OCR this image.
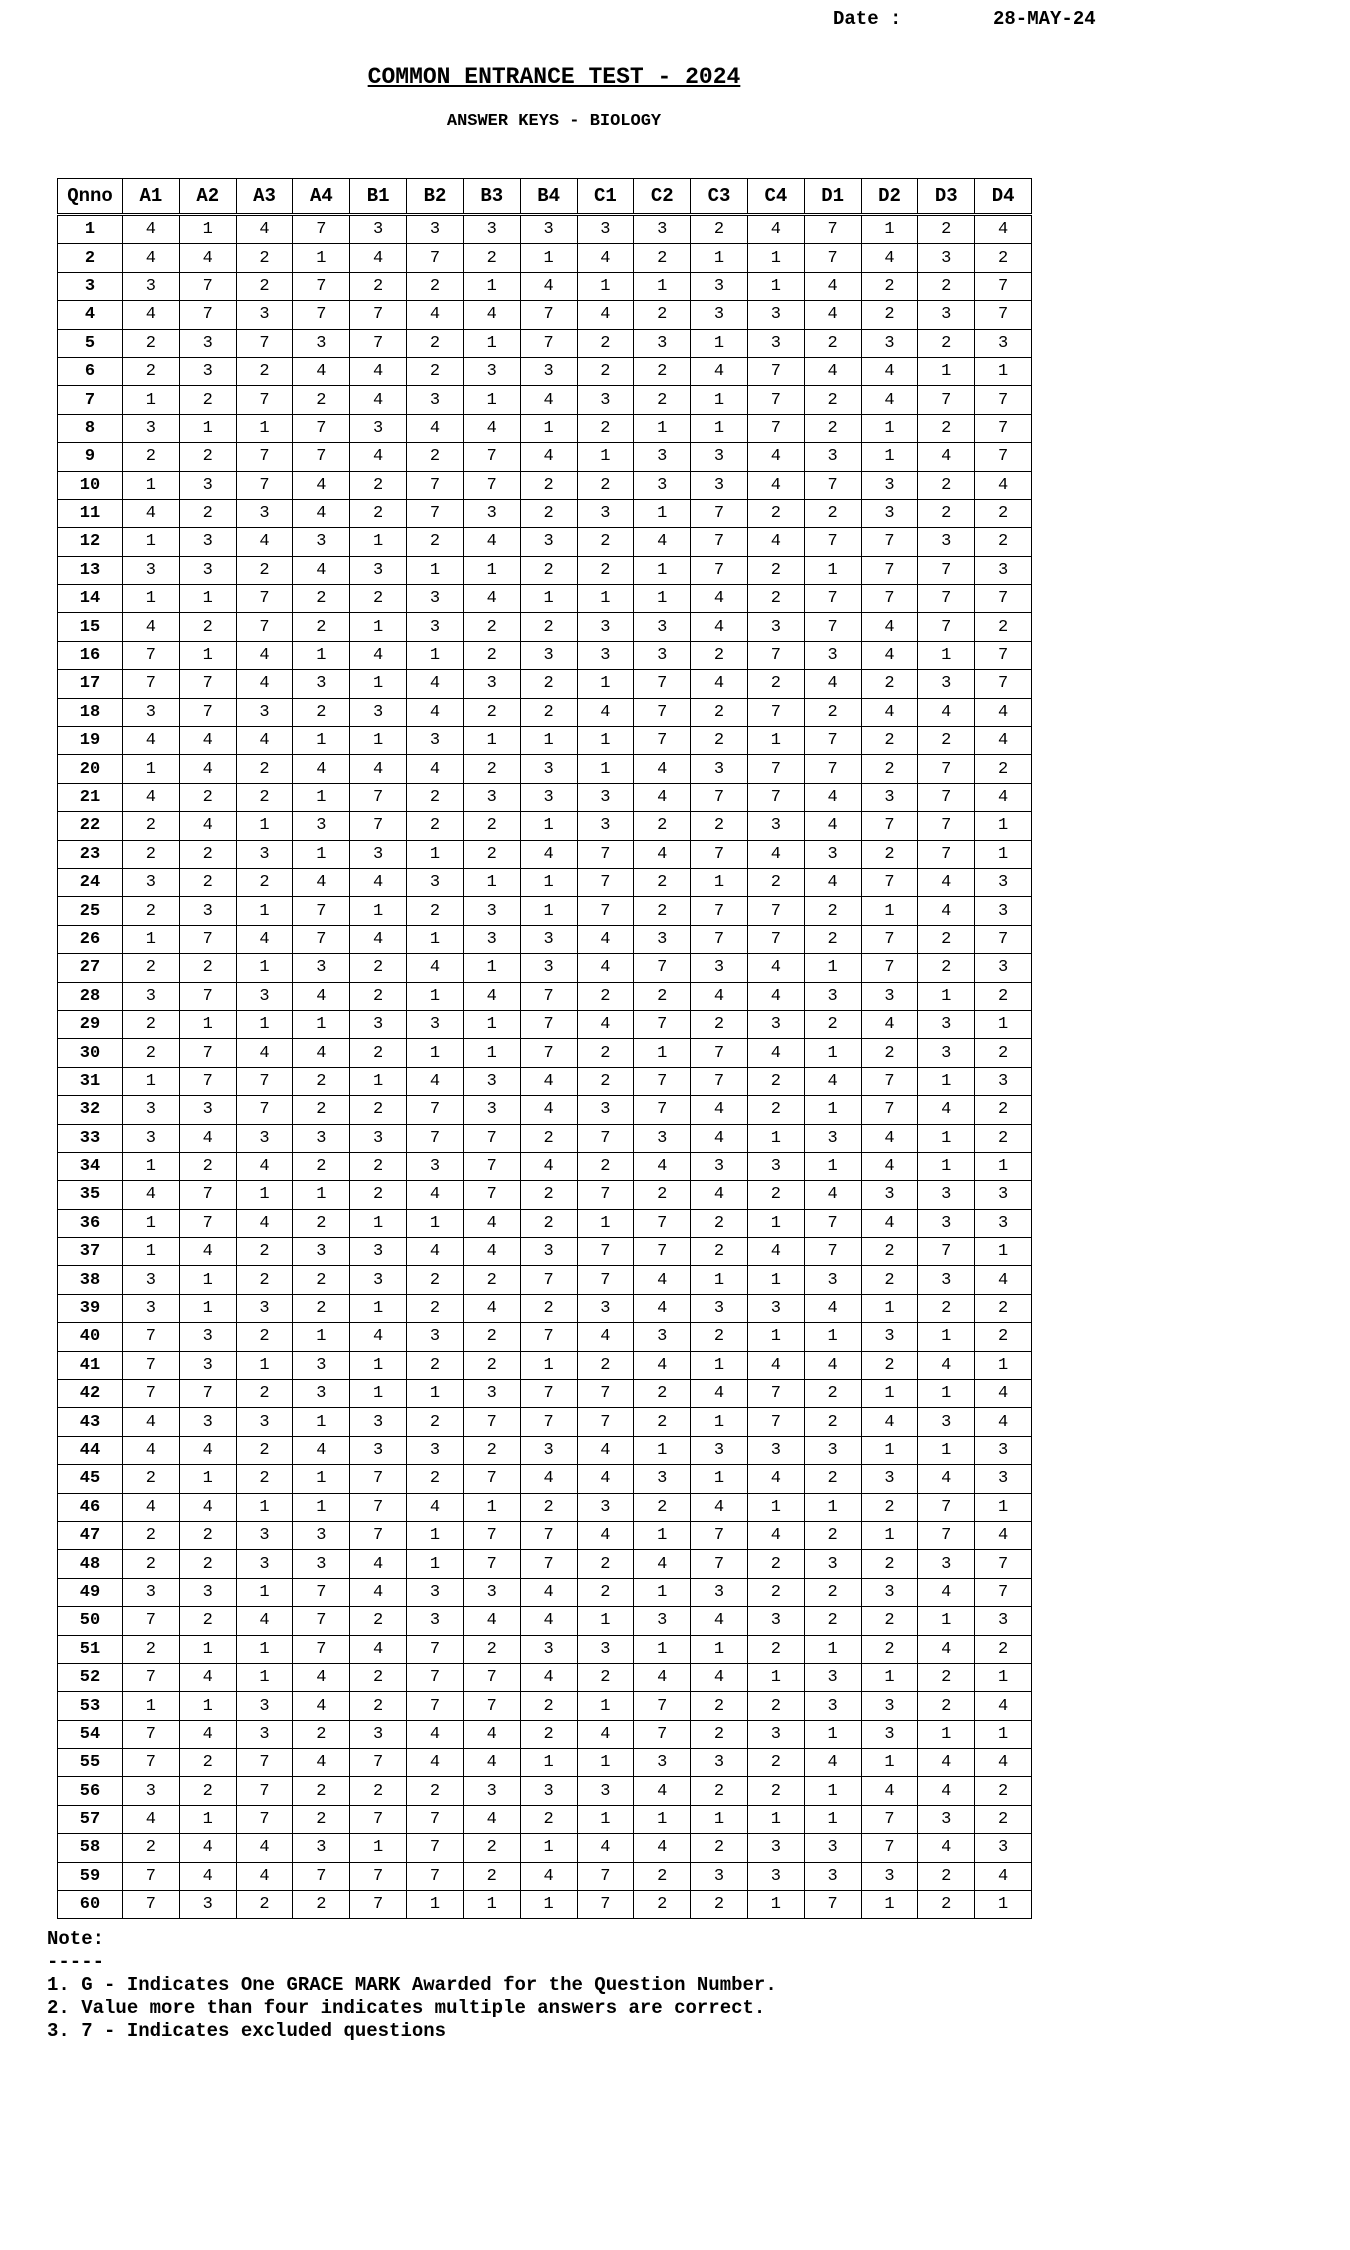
Date :	28-MAY-24
COMMON ENTRANCE TEST - 2024
ANSWER KEYS - BIOLOGY
Qnno	A1	A2	A3	A4	B1	B2	B3	B4	C1	C2	C3	C4	D1	D2	D3	D4
1	4	1	4	7	3	3	3	3	3	3	2	4	7	1	2	4
2	4	4	2	1	4	7	2	1	4	2	1	1	7	4	3	2
3	3	7	2	7	2	2	1	4	1	1	3	1	4	2	2	7
4	4	7	3	7	7	4	4	7	4	2	3	3	4	2	3	7
5	2	3	7	3	7	2	1	7	2	3	1	3	2	3	2	3
6	2	3	2	4	4	2	3	3	2	2	4	7	4	4	1	1
7	1	2	7	2	4	3	1	4	3	2	1	7	2	4	7	7
8	3	1	1	7	3	4	4	1	2	1	1	7	2	1	2	7
9	2	2	7	7	4	2	7	4	1	3	3	4	3	1	4	7
10	1	3	7	4	2	7	7	2	2	3	3	4	7	3	2	4
11	4	2	3	4	2	7	3	2	3	1	7	2	2	3	2	2
12	1	3	4	3	1	2	4	3	2	4	7	4	7	7	3	2
13	3	3	2	4	3	1	1	2	2	1	7	2	1	7	7	3
14	1	1	7	2	2	3	4	1	1	1	4	2	7	7	7	7
15	4	2	7	2	1	3	2	2	3	3	4	3	7	4	7	2
16	7	1	4	1	4	1	2	3	3	3	2	7	3	4	1	7
17	7	7	4	3	1	4	3	2	1	7	4	2	4	2	3	7
18	3	7	3	2	3	4	2	2	4	7	2	7	2	4	4	4
19	4	4	4	1	1	3	1	1	1	7	2	1	7	2	2	4
20	1	4	2	4	4	4	2	3	1	4	3	7	7	2	7	2
21	4	2	2	1	7	2	3	3	3	4	7	7	4	3	7	4
22	2	4	1	3	7	2	2	1	3	2	2	3	4	7	7	1
23	2	2	3	1	3	1	2	4	7	4	7	4	3	2	7	1
24	3	2	2	4	4	3	1	1	7	2	1	2	4	7	4	3
25	2	3	1	7	1	2	3	1	7	2	7	7	2	1	4	3
26	1	7	4	7	4	1	3	3	4	3	7	7	2	7	2	7
27	2	2	1	3	2	4	1	3	4	7	3	4	1	7	2	3
28	3	7	3	4	2	1	4	7	2	2	4	4	3	3	1	2
29	2	1	1	1	3	3	1	7	4	7	2	3	2	4	3	1
30	2	7	4	4	2	1	1	7	2	1	7	4	1	2	3	2
31	1	7	7	2	1	4	3	4	2	7	7	2	4	7	1	3
32	3	3	7	2	2	7	3	4	3	7	4	2	1	7	4	2
33	3	4	3	3	3	7	7	2	7	3	4	1	3	4	1	2
34	1	2	4	2	2	3	7	4	2	4	3	3	1	4	1	1
35	4	7	1	1	2	4	7	2	7	2	4	2	4	3	3	3
36	1	7	4	2	1	1	4	2	1	7	2	1	7	4	3	3
37	1	4	2	3	3	4	4	3	7	7	2	4	7	2	7	1
38	3	1	2	2	3	2	2	7	7	4	1	1	3	2	3	4
39	3	1	3	2	1	2	4	2	3	4	3	3	4	1	2	2
40	7	3	2	1	4	3	2	7	4	3	2	1	1	3	1	2
41	7	3	1	3	1	2	2	1	2	4	1	4	4	2	4	1
42	7	7	2	3	1	1	3	7	7	2	4	7	2	1	1	4
43	4	3	3	1	3	2	7	7	7	2	1	7	2	4	3	4
44	4	4	2	4	3	3	2	3	4	1	3	3	3	1	1	3
45	2	1	2	1	7	2	7	4	4	3	1	4	2	3	4	3
46	4	4	1	1	7	4	1	2	3	2	4	1	1	2	7	1
47	2	2	3	3	7	1	7	7	4	1	7	4	2	1	7	4
48	2	2	3	3	4	1	7	7	2	4	7	2	3	2	3	7
49	3	3	1	7	4	3	3	4	2	1	3	2	2	3	4	7
50	7	2	4	7	2	3	4	4	1	3	4	3	2	2	1	3
51	2	1	1	7	4	7	2	3	3	1	1	2	1	2	4	2
52	7	4	1	4	2	7	7	4	2	4	4	1	3	1	2	1
53	1	1	3	4	2	7	7	2	1	7	2	2	3	3	2	4
54	7	4	3	2	3	4	4	2	4	7	2	3	1	3	1	1
55	7	2	7	4	7	4	4	1	1	3	3	2	4	1	4	4
56	3	2	7	2	2	2	3	3	3	4	2	2	1	4	4	2
57	4	1	7	2	7	7	4	2	1	1	1	1	1	7	3	2
58	2	4	4	3	1	7	2	1	4	4	2	3	3	7	4	3
59	7	4	4	7	7	7	2	4	7	2	3	3	3	3	2	4
60	7	3	2	2	7	1	1	1	7	2	2	1	7	1	2	1
Note:
-----
1. G - Indicates One GRACE MARK Awarded for the Question Number.
2. Value more than four indicates multiple answers are correct.
3. 7 - Indicates excluded questions
